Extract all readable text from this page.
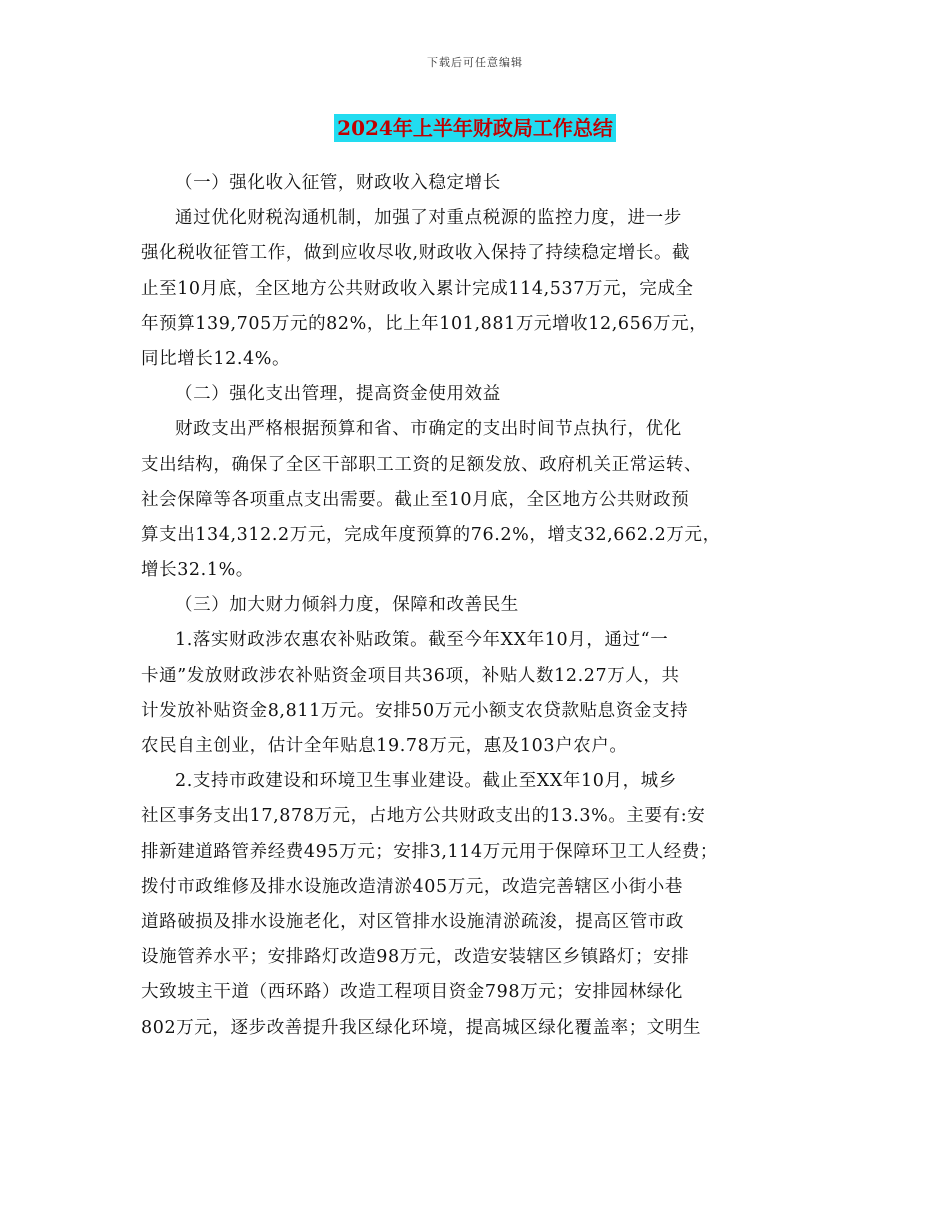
下载后可任意编辑
2024年上半年财政局工作总结
（一）强化收入征管，财政收入稳定增长
通过优化财税沟通机制，加强了对重点税源的监控力度，进一步
强化税收征管工作，做到应收尽收,财政收入保持了持续稳定增长。截
止至10月底，全区地方公共财政收入累计完成114,537万元，完成全
年预算139,705万元的82%，比上年101,881万元增收12,656万元，
同比增长12.4%。
（二）强化支出管理，提高资金使用效益
财政支出严格根据预算和省、市确定的支出时间节点执行，优化
支出结构，确保了全区干部职工工资的足额发放、政府机关正常运转、
社会保障等各项重点支出需要。截止至10月底，全区地方公共财政预
算支出134,312.2万元，完成年度预算的76.2%，增支32,662.2万元，
增长32.1%。
（三）加大财力倾斜力度，保障和改善民生
1.落实财政涉农惠农补贴政策。截至今年XX年10月，通过“一
卡通”发放财政涉农补贴资金项目共36项，补贴人数12.27万人，共
计发放补贴资金8,811万元。安排50万元小额支农贷款贴息资金支持
农民自主创业，估计全年贴息19.78万元，惠及103户农户。
2.支持市政建设和环境卫生事业建设。截止至XX年10月，城乡
社区事务支出17,878万元，占地方公共财政支出的13.3%。主要有:安
排新建道路管养经费495万元；安排3,114万元用于保障环卫工人经费；
拨付市政维修及排水设施改造清淤405万元，改造完善辖区小街小巷
道路破损及排水设施老化，对区管排水设施清淤疏浚，提高区管市政
设施管养水平；安排路灯改造98万元，改造安装辖区乡镇路灯；安排
大致坡主干道（西环路）改造工程项目资金798万元；安排园林绿化
802万元，逐步改善提升我区绿化环境，提高城区绿化覆盖率；文明生
